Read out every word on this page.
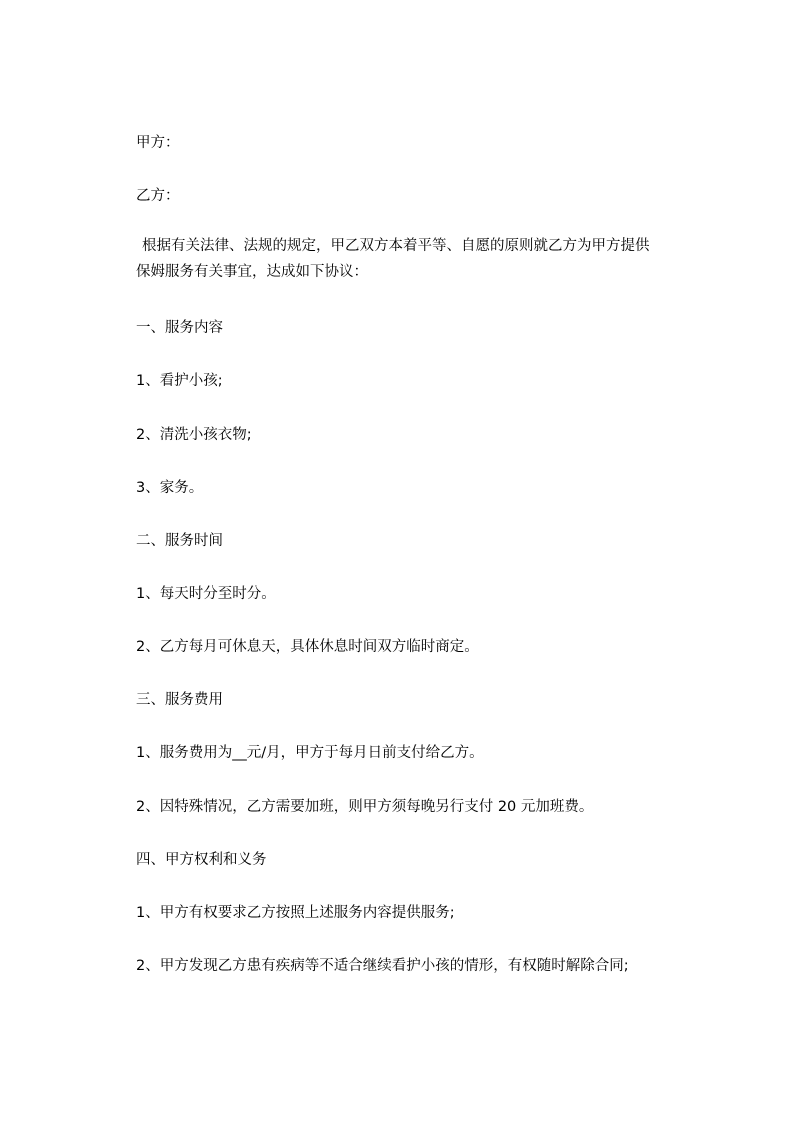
甲方：

乙方：

根据有关法律、法规的规定，甲乙双方本着平等、自愿的原则就乙方为甲方提供
保姆服务有关事宜，达成如下协议：

一、服务内容

1、看护小孩;

2、清洗小孩衣物;

3、家务。

二、服务时间

1、每天时分至时分。

2、乙方每月可休息天，具体休息时间双方临时商定。

三、服务费用

1、服务费用为__元/月，甲方于每月日前支付给乙方。

2、因特殊情况，乙方需要加班，则甲方须每晚另行支付 20 元加班费。

四、甲方权利和义务

1、甲方有权要求乙方按照上述服务内容提供服务;

2、甲方发现乙方患有疾病等不适合继续看护小孩的情形，有权随时解除合同;
